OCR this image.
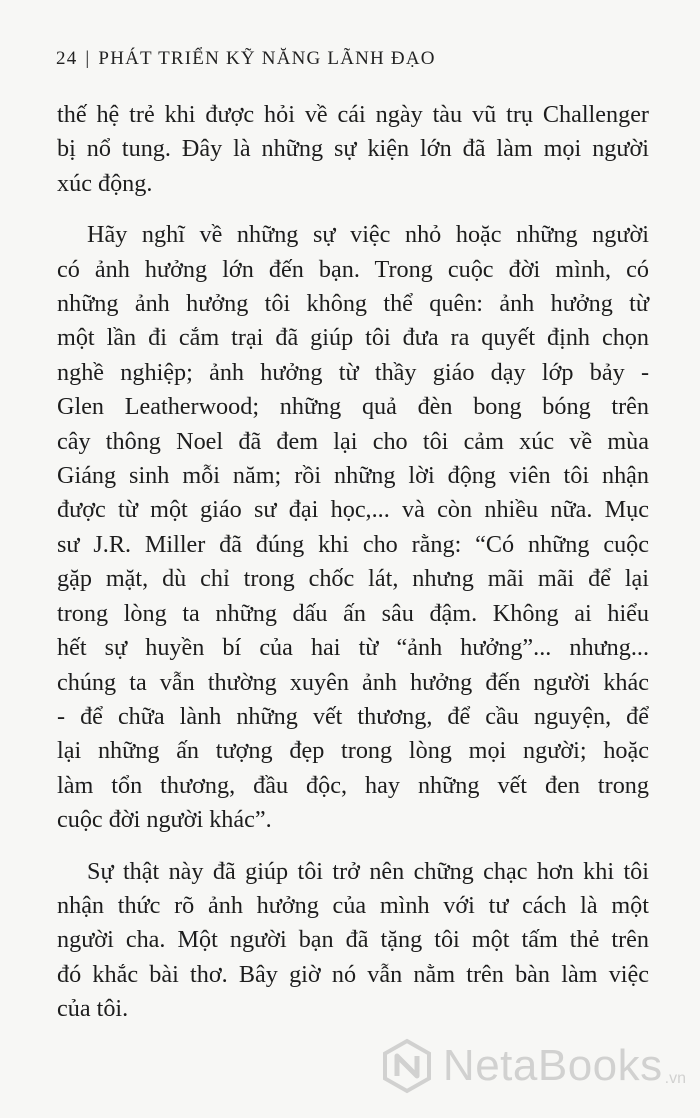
24 | PHÁT TRIỂN KỸ NĂNG LÃNH ĐẠO
thế hệ trẻ khi được hỏi về cái ngày tàu vũ trụ Challenger
bị nổ tung. Đây là những sự kiện lớn đã làm mọi người
xúc động.
Hãy nghĩ về những sự việc nhỏ hoặc những người
có ảnh hưởng lớn đến bạn. Trong cuộc đời mình, có
những ảnh hưởng tôi không thể quên: ảnh hưởng từ
một lần đi cắm trại đã giúp tôi đưa ra quyết định chọn
nghề nghiệp; ảnh hưởng từ thầy giáo dạy lớp bảy -
Glen Leatherwood; những quả đèn bong bóng trên
cây thông Noel đã đem lại cho tôi cảm xúc về mùa
Giáng sinh mỗi năm; rồi những lời động viên tôi nhận
được từ một giáo sư đại học,... và còn nhiều nữa. Mục
sư J.R. Miller đã đúng khi cho rằng: “Có những cuộc
gặp mặt, dù chỉ trong chốc lát, nhưng mãi mãi để lại
trong lòng ta những dấu ấn sâu đậm. Không ai hiểu
hết sự huyền bí của hai từ “ảnh hưởng”... nhưng...
chúng ta vẫn thường xuyên ảnh hưởng đến người khác
- để chữa lành những vết thương, để cầu nguyện, để
lại những ấn tượng đẹp trong lòng mọi người; hoặc
làm tổn thương, đầu độc, hay những vết đen trong
cuộc đời người khác”.
Sự thật này đã giúp tôi trở nên chững chạc hơn khi tôi
nhận thức rõ ảnh hưởng của mình với tư cách là một
người cha. Một người bạn đã tặng tôi một tấm thẻ trên
đó khắc bài thơ. Bây giờ nó vẫn nằm trên bàn làm việc
của tôi.
NetaBooks .vn
